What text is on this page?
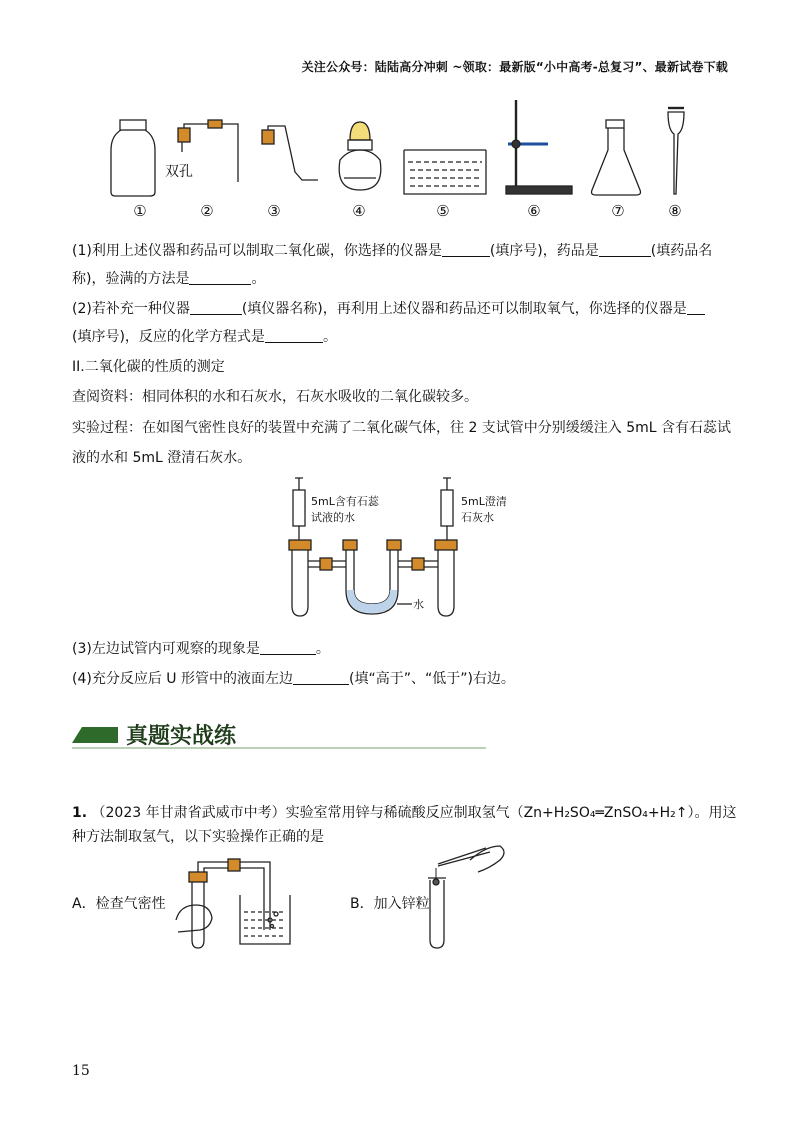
关注公众号：陆陆高分冲刺 ~领取：最新版“小中高考-总复习”、最新试卷下载
双孔
①	②	③	④	⑤	⑥	⑦	⑧
(1)利用上述仪器和药品可以制取二氧化碳，你选择的仪器是	(填序号)，药品是	(填药品名
称)，验满的方法是	。
(2)若补充一种仪器	(填仪器名称)，再利用上述仪器和药品还可以制取氧气，你选择的仪器是
(填序号)，反应的化学方程式是	。
II.二氧化碳的性质的测定
查阅资料：相同体积的水和石灰水，石灰水吸收的二氧化碳较多。
实验过程：在如图气密性良好的装置中充满了二氧化碳气体，往 2 支试管中分别缓缓注入 5mL 含有石蕊试
液的水和 5mL 澄清石灰水。
5mL含有石蕊
试液的水
5mL澄清
石灰水
水
(3)左边试管内可观察的现象是	。
(4)充分反应后 U 形管中的液面左边	(填“高于”、“低于”)右边。
真题实战练
1. （2023 年甘肃省武威市中考）实验室常用锌与稀硫酸反应制取氢气（Zn+H₂SO₄═ZnSO₄+H₂↑）。用这
种方法制取氢气，以下实验操作正确的是
A．检查气密性	B．加入锌粒
15
